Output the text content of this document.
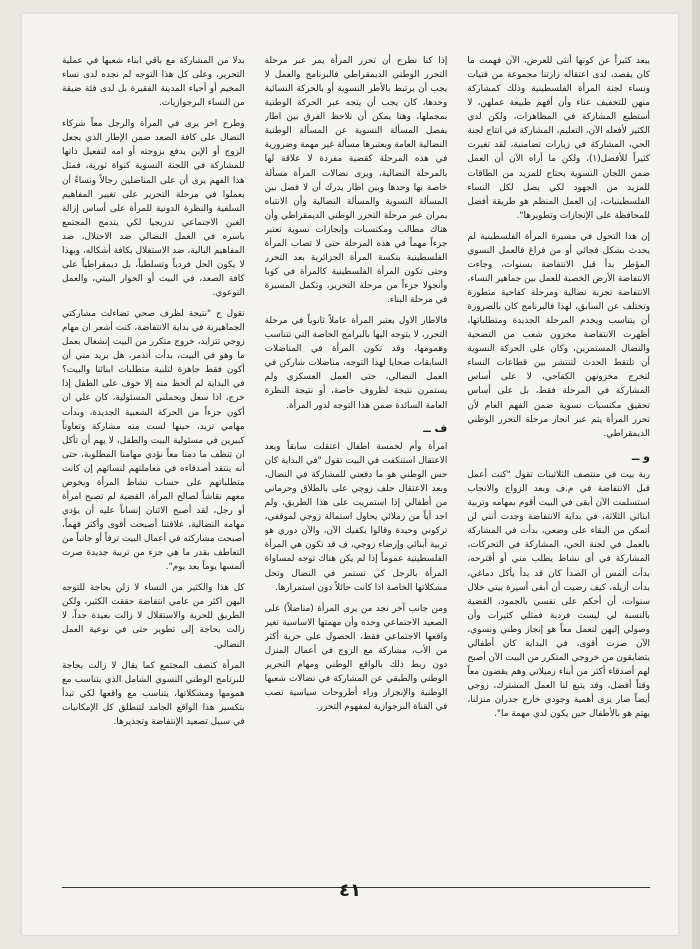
يبعد كثيراً عن كونها أنثى للعرض، الآن فهمت ما كان يقصد، لدى اعتقاله زارتنا مجموعة من فتيات ونساء لجنة المرأة الفلسطينية وذلك كمشاركة منهن للتخفيف عناء وأن أفهم طبيعة عملهن، لا أستطيع المشاركة في المظاهرات، ولكن لدي الكثير لأفعله الآن، التعليم، المشاركة في انتاج لجنة الحي، المشاركة في زيارات تضامنية، لقد تغيرت كثيراً للأفضل(١)، ولكن ما أراه الآن أن العمل ضمن اللجان النسوية يحتاج للمزيد من الطاقات للمزيد من الجهود لكي يصل لكل النساء الفلسطينيات، إن العمل المنظم هو طريقة أفضل للمحافظة على الإنجازات وتطويرها".

إن هذا التحول في مسيرة المرأة الفلسطينية لم يحدث بشكل فجائي أو من فراغ فالعمل النسوي المؤطر بدأ قبل الانتفاضة بسنوات، وجاءت الانتفاضة الأرض الخصبة للعمل بين جماهير النساء، الانتفاضة تجربة نضالية ومرحلة كفاحية متطورة وتختلف عن السابق، لهذا فالبرنامج كان بالضرورة أن يتناسب ويخدم المرحلة الجديدة ومتطلباتها، أظهرت الانتفاضة مخزون شعب من التضحية والنضال المستمرين، وكان على الحركة النسوية أن تلتقط الحدث لتنتشر بين قطاعات النساء لتخرج مخزونهن الكفاحي، لا على أساس المشاركة في المرحلة فقط، بل على أساس تحقيق مكتسبات نسوية ضمن الفهم العام لأن تحرر المرأة يتم عبر انجاز مرحلة التحرر الوطني الديمقراطي.

و ــ

ربة بيت في منتصف الثلاثينات تقول "كنت أعمل قبل الانتفاضة في م.ف وبعد الزواج والانجاب استسلمت الآن أبقى في البيت أقوم بمهامه وتربية ابنائي الثلاثة، في بداية الانتفاضة وجدت أنني لن أتمكن من البقاء على وضعي، بدأت في المشاركة بالعمل في لجنة الحي، المشاركة في التحركات، المشاركة في أي نشاط يطلب مني أو أقترحه، بدأت ألمس أن الصدأ كان قد بدأ يأكل دماغي، بدأت أزيله، كيف رضيت أن أبقى أسيرة بيتي خلال سنوات، أن أحكم على نفسي بالجمود، القضية بالنسبة لي ليست فردية فمثلي كثيرات وأن وصولي إليهن لنعمل معاً هو إنجاز وطني ونسوي، الآن صرت أقوى، في البداية كان أطفالي يتضايقون من خروجي المتكرر من البيت الآن أصبح لهم أصدقاء أكثر من أبناء زميلاتي وهم يقضون معاً وقتاً أفضل، وقد يتبع لنا العمل المشترك، زوجي أيضاً صار يرى أهمية وجودي خارج جدران منزلنا، يهتم هو بالأطفال حين يكون لدي مهمة ما".

إذا كنا نطرح أن تحرر المرأة يمر عبر مرحلة التحرر الوطني الديمقراطي فالبرنامج والعمل لا يجب أن يرتبط بالأطر النسوية أو بالحركة النسائية وحدها، كان يجب أن يتجه عبر الحركة الوطنية بمجملها، وهنا يمكن أن نلاحظ الفرق بين اطار يفصل المسألة النسوية عن المسألة الوطنية النضالية العامة ويعتبرها مسألة غير مهمة وضرورية في هذه المرحلة كقضية مفردة لا علاقة لها بالمرحلة النضالية، ويرى نضالات المرأة مسألة خاصة بها وحدها وبين اطار يدرك أن لا فصل بين المسألة النسوية والمسألة النضالية وأن الانتباه يمران عبر مرحلة التحرر الوطني الديمقراطي وأن هناك مطالب ومكتسبات وإنجازات نسوية تعتبر جزءاً مهماً في هذه المرحلة حتى لا تصاب المرأة الفلسطينية بنكسة المرأة الجزائرية بعد التحرر وحتى تكون المرأة الفلسطينية كالمرأة في كوبا وأنجولا جزءاً من مرحلة التحرير، وتكمل المسيرة في مرحلة البناء.

فالاطار الاول يعتبر المرأة عاملاً ثانوياً في مرحلة التحرر، لا يتوجه اليها بالبرامج الخاصة التي تتناسب وهمومها، وقد تكون المرأة في المناضلات السابقات ضحايا لهذا التوجه، مناضلات شاركن في العمل النضالي، حتى العمل العسكري ولم يستمرن نتيجة لظروف خاصة، أو نتيجة النظرة العامة السائدة ضمن هذا التوجه لدور المرأة.

ف ــ

امرأة وأم لخمسة اطفال اعتقلت سابقاً وبعد الاعتقال استنكفت في البيت تقول "في البداية كان حس الوطني هو ما دفعني للمشاركة في النضال، وبعد الاعتقال حلف زوجي على بالطلاق وحرماني من أطفالي إذا استمريت على هذا الطريق، ولم اجد أياً من زملائي يحاول استمالة زوجي لموقفي، تركوني وحيدة وقالوا يكفيك الآن، والآن دوري هو تربية أبنائي وإرضاء زوجي، ف قد تكون هي المرأة الفلسطينية عموماً إذا لم يكن هناك توجه لمساواة المرأة بالرجل كي تستمر في النضال وتحل مشكلاتها الخاصة اذا كانت حائلاً دون استمرارها.

ومن جانب آخر نجد من يرى المرأة (مناضلاً) على الصعيد الاجتماعي وحده وأن مهمتها الاساسية تغير واقعها الاجتماعي فقط، الحصول على حرية أكثر من الأب، مشاركة مع الزوج في أعمال المنزل دون ربط ذلك بالواقع الوطني ومهام التحرير الوطني والطبقي عن المشاركة في نضالات شعبها الوطنية والإنجرار وراء أطروحات سياسية تصب في القناة البرجوازية لمفهوم التحرر.

بدلا من المشاركة مع باقي ابناء شعبها في عملية التحرير، وعلى كل هذا التوجه لم نجده لدى نساء المخيم أو أحياء المدينة الفقيرة بل لدى فئة ضيقة من النساء البرجوازيات.

وطرح اخر يرى في المرأة والرجل معاً شركاء النضال على كافة الصعد ضمن الإطار الذي يجعل الزوج أو الإبن يدفع بزوجته أو امه لتفعيل ذاتها للمشاركة في اللجنة النسوية كنواة ثورية، فمثل هذا الفهم يرى أن على المناضلين رجالاً ونساءً أن يعملوا في مرحلة التحرير على تغيير المفاهيم السلفية والنظرة الدونية للمرأة على أساس إزالة الغبن الاجتماعي تدريجيا لكي يتدمج المجتمع باسره في العمل النضالي ضد الاحتلال، ضد المفاهيم البالية، ضد الاستغلال بكافة أشكاله، وبهذا لا يكون الحل فردياً وتسلطياً، بل ديمقراطياً على كافة الصعد، في البيت أو الحوار البيتي، والعمل التوعوي.

تقول ح "نتيجة لظرف صحي تضاءلت مشاركتي الجماهيرية في بداية الانتفاضة، كنت أشعر ان مهام زوجي تتزايد، خروج متكرر من البيت إنشغال بعمل ما وهو في البيت، بدأت أتذمر، هل يريد مني أن أكون فقط جاهزة لتلبية متطلبات ابنائنا والبيت؟ في البداية لم ألحظ منه إلا خوف على الطفل إذا خرج، اذا سعل ويحملني المسئولية، كان علي ان أكون جزءاً من الحركة الشعبية الجديدة، وبدأت مهامي تزيد، حينها لست منه مشاركة وتعاوناً كبيرين في مسئولية البيت والطفل، لا يهم أن تأكل ان تنظف ما دمنا معاً نؤدي مهامنا المطلوبة، حتى أنه ينتقد أصدقاءه في معاملتهم لنسائهم إن كانت متطلباتهم على حساب نشاط المرأة ويخوض معهم نقاشاً لصالح المرأة، القضية لم تصبح امرأة أو رجل، لقد أصبح الاثنان إنساناً عليه أن يؤدي مهامه النضالية، علاقتنا أصبحت أقوى وأكثر فهماً، أصبحت مشاركته في أعمال البيت ترفاً أو جانباً من التعاطف بقدر ما هي جزء من تربية جديدة صرت ألمسها يوماً بعد يوم".

كل هذا والكثير من النساء لا زلن بحاجة للتوجه اليهن اكثر من عامي انتفاضة حققت الكثير، ولكن الطريق للحرية والاستقلال لا زالت بعيدة جداً، لا زالت بحاجة إلى تطوير حتى في نوعية العمل النضالي.

المرأة كنصف المجتمع كما يقال لا زالت بحاجة للبرنامج الوطني النسوي الشامل الذي يتناسب مع همومها ومشكلاتها، يتناسب مع واقعها لكي تبدأ بتكسير هذا الواقع الجامد لتنطلق كل الإمكانيات في سبيل تصعيد الإنتفاضة وتجذيرها.

٤١
